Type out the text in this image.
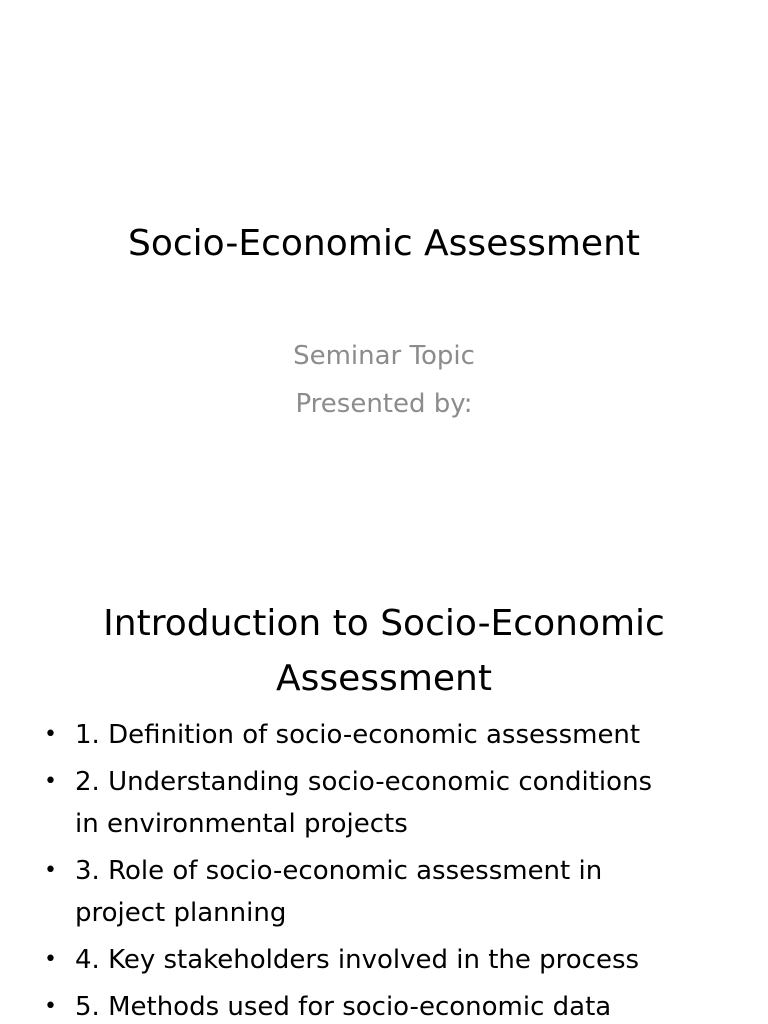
Socio-Economic Assessment
Seminar Topic
Presented by:
Introduction to Socio-Economic
Assessment
• 1. Definition of socio-economic assessment
• 2. Understanding socio-economic conditions
in environmental projects
• 3. Role of socio-economic assessment in
project planning
• 4. Key stakeholders involved in the process
• 5. Methods used for socio-economic data
